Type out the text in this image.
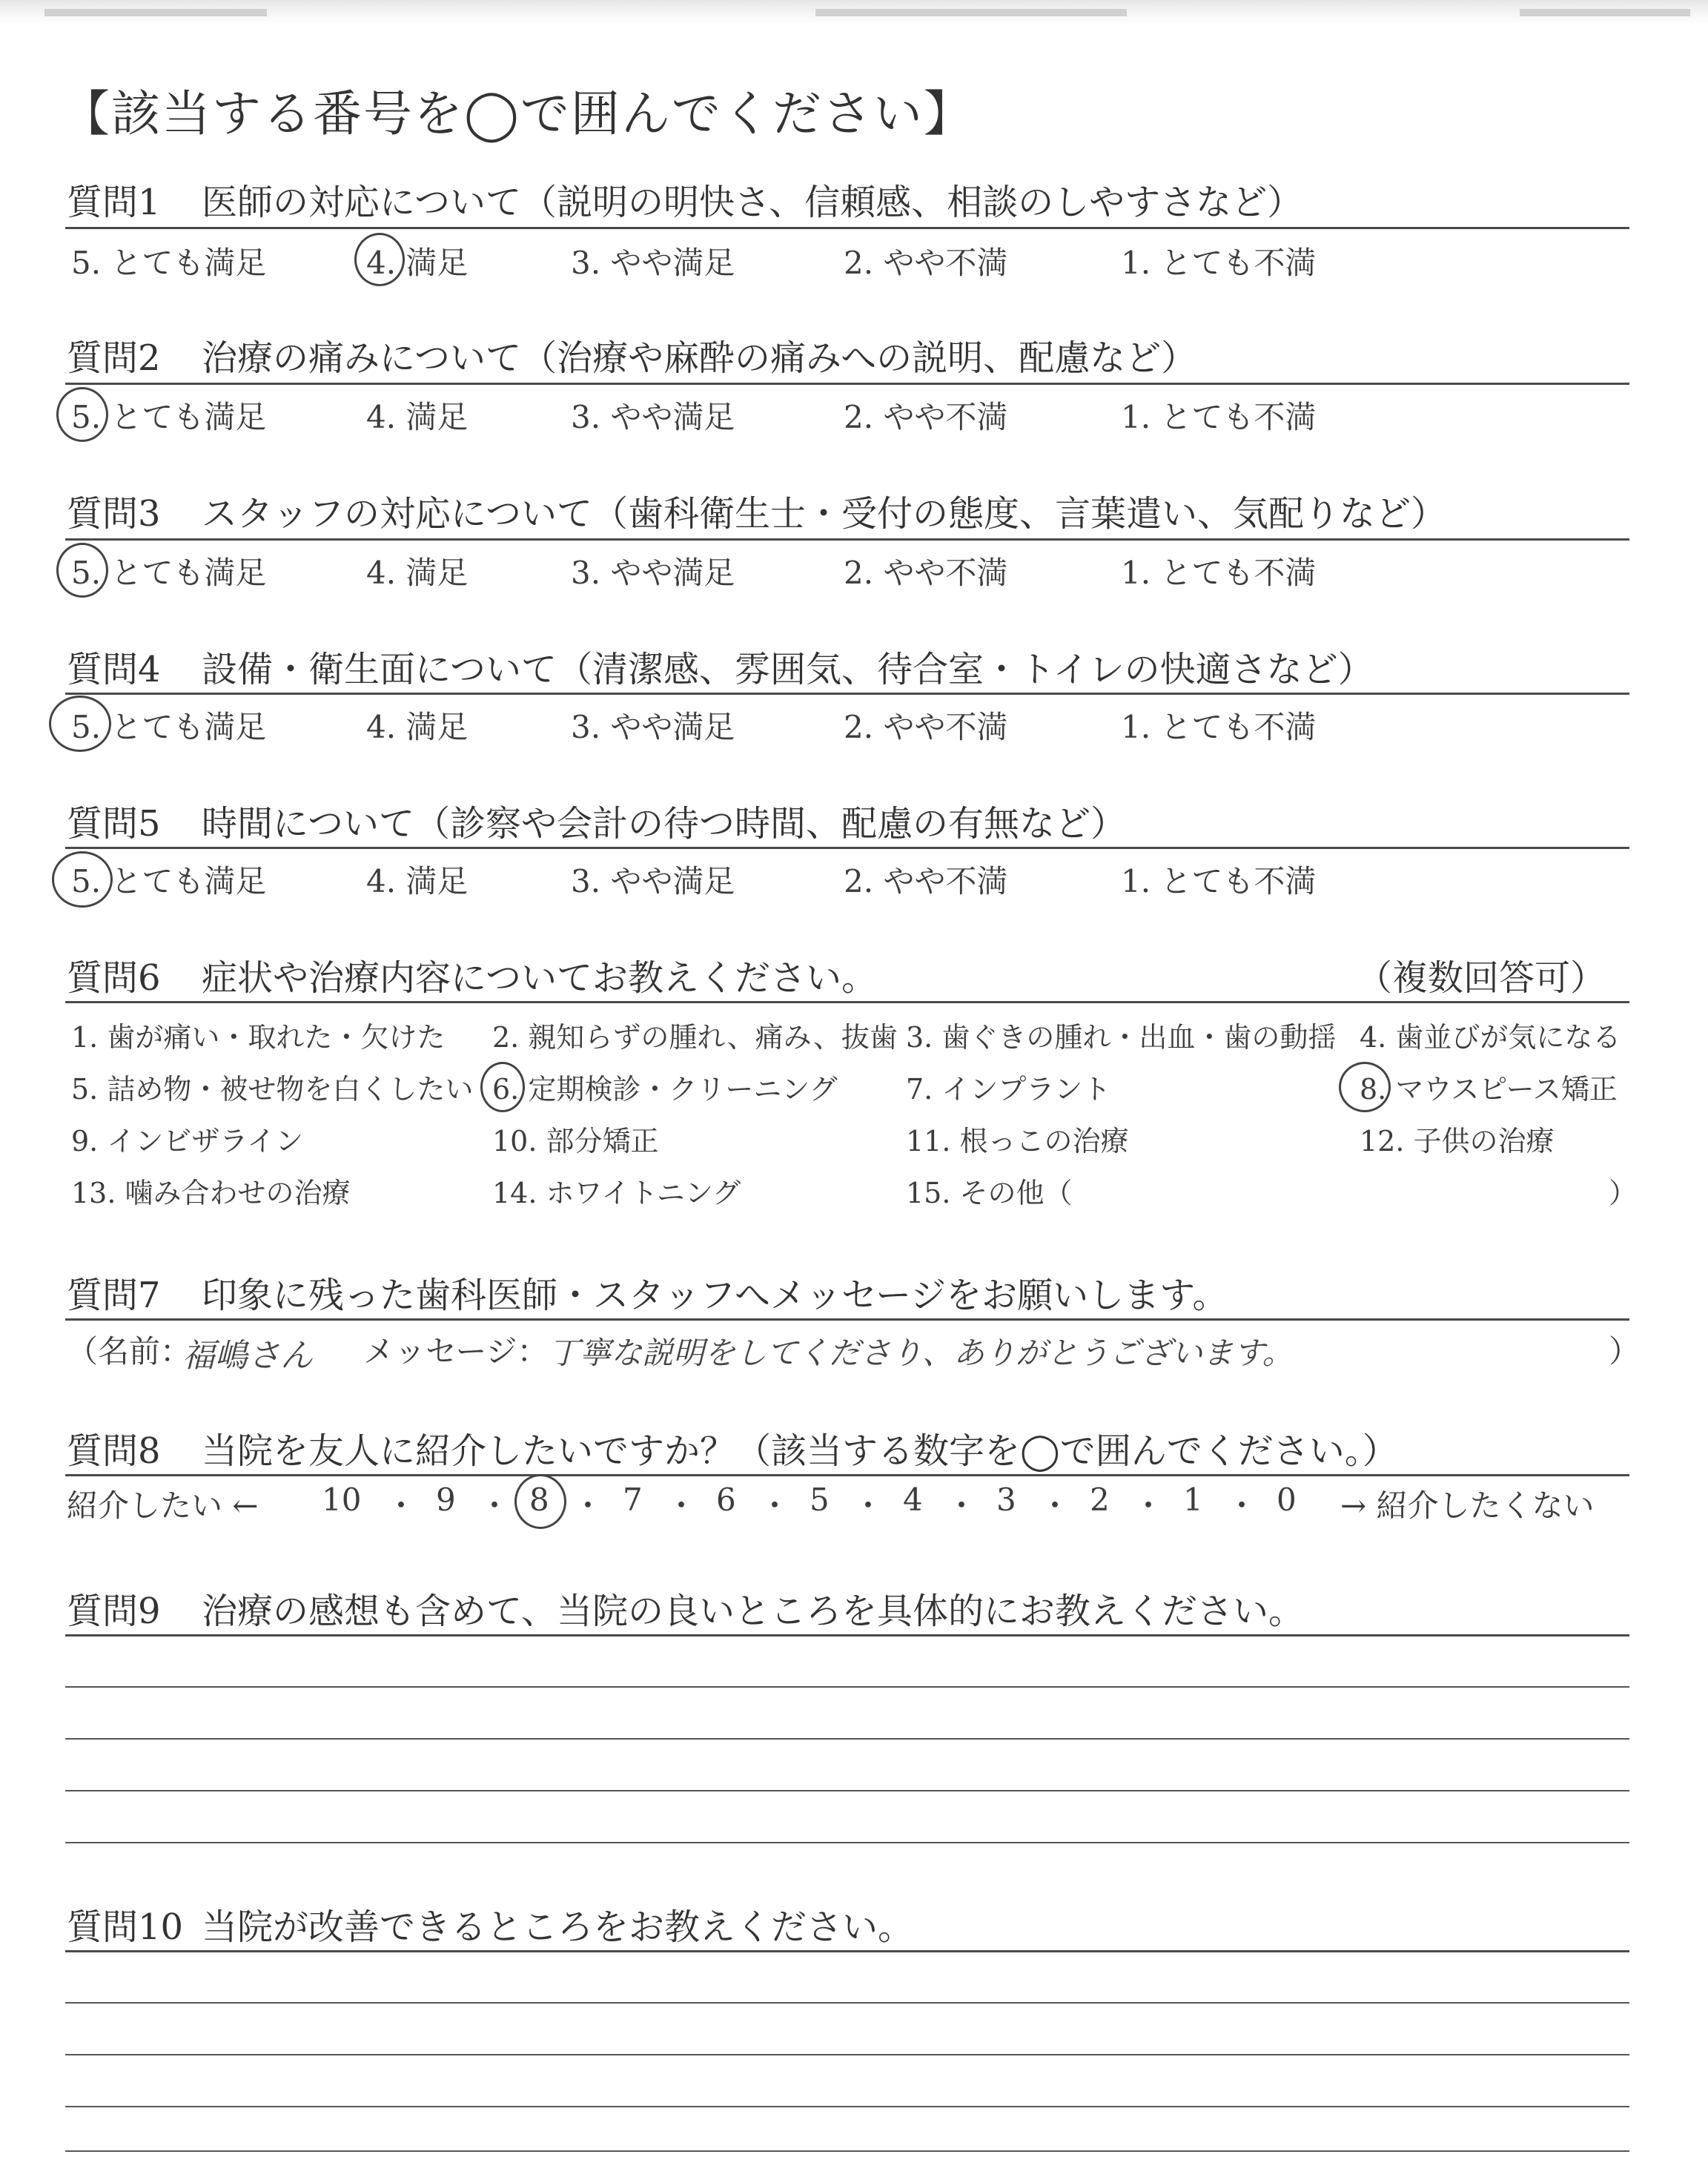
【該当する番号を◯で囲んでください】
質問1 医師の対応について（説明の明快さ、信頼感、相談のしやすさなど）
5. とても満足	4. 満足	3. やや満足	2. やや不満	1. とても不満
質問2 治療の痛みについて（治療や麻酔の痛みへの説明、配慮など）
5. とても満足	4. 満足	3. やや満足	2. やや不満	1. とても不満
質問3 スタッフの対応について（歯科衛生士・受付の態度、言葉遣い、気配りなど）
5. とても満足	4. 満足	3. やや満足	2. やや不満	1. とても不満
質問4 設備・衛生面について（清潔感、雰囲気、待合室・トイレの快適さなど）
5. とても満足	4. 満足	3. やや満足	2. やや不満	1. とても不満
質問5 時間について（診察や会計の待つ時間、配慮の有無など）
5. とても満足	4. 満足	3. やや満足	2. やや不満	1. とても不満
質問6 症状や治療内容についてお教えください。	（複数回答可）
1. 歯が痛い・取れた・欠けた 2. 親知らずの腫れ、痛み、抜歯 3. 歯ぐきの腫れ・出血・歯の動揺 4. 歯並びが気になる
5. 詰め物・被せ物を白くしたい 6. 定期検診・クリーニング 7. インプラント	8. マウスピース矯正
9. インビザライン	10. 部分矯正	11. 根っこの治療	12. 子供の治療
13. 噛み合わせの治療	14. ホワイトニング	15. その他（	）
質問7 印象に残った歯科医師・スタッフへメッセージをお願いします。
（名前：
福嶋さん メッセージ： 丁寧な説明をしてくださり、ありがとうございます。	）
質問8 当院を友人に紹介したいですか？（該当する数字を◯で囲んでください。）
紹介したい ←	→ 紹介したくない
10 ・ 9 ・ 8 ・ 7 ・ 6 ・ 5 ・ 4 ・ 3 ・ 2 ・ 1 ・ 0
質問9 治療の感想も含めて、当院の良いところを具体的にお教えください。
質問10 当院が改善できるところをお教えください。
